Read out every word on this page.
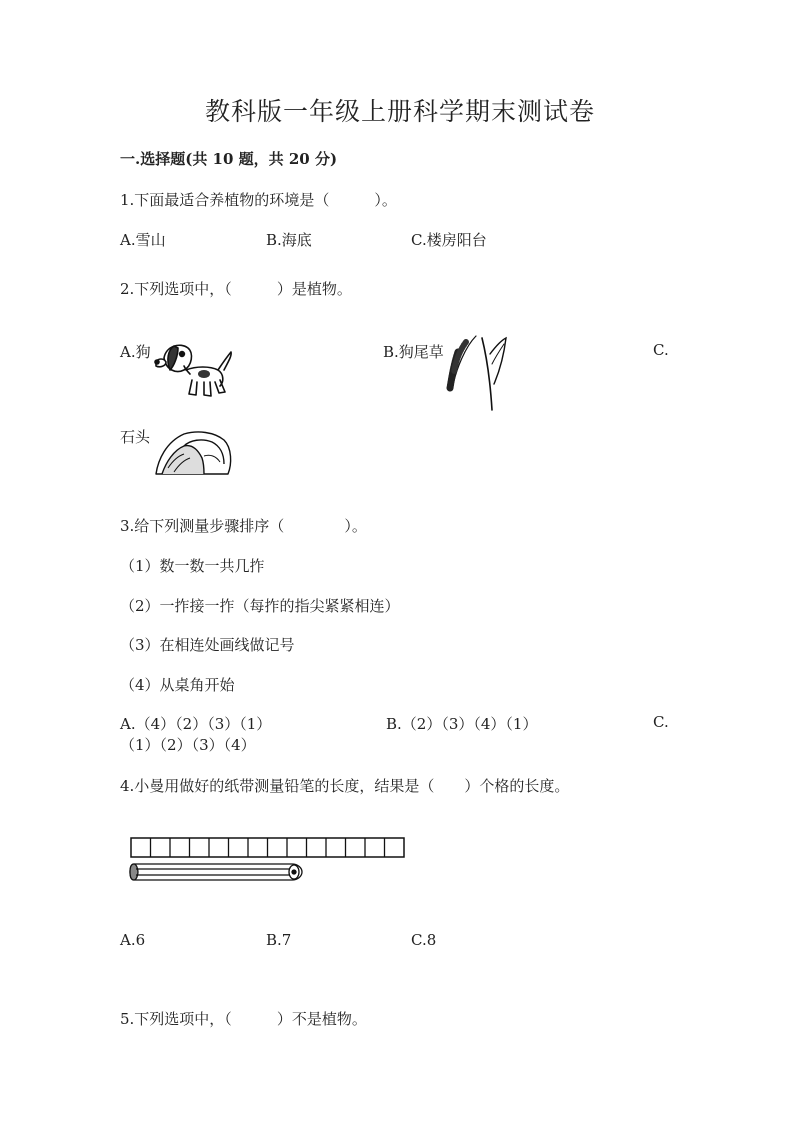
教科版一年级上册科学期末测试卷
一.选择题(共 10 题，共 20 分)
1.下面最适合养植物的环境是（　　　）。
A.雪山	B.海底	C.楼房阳台
2.下列选项中，（　　　）是植物。
A.狗	B.狗尾草	C.
石头
3.给下列测量步骤排序（　　　　）。
（1）数一数一共几拃
（2）一拃接一拃（每拃的指尖紧紧相连）
（3）在相连处画线做记号
（4）从桌角开始
A.（4）（2）（3）（1）	B.（2）（3）（4）（1）	C.
（1）（2）（3）（4）
4.小曼用做好的纸带测量铅笔的长度，结果是（　　）个格的长度。
A.6	B.7	C.8
5.下列选项中，（　　　）不是植物。
